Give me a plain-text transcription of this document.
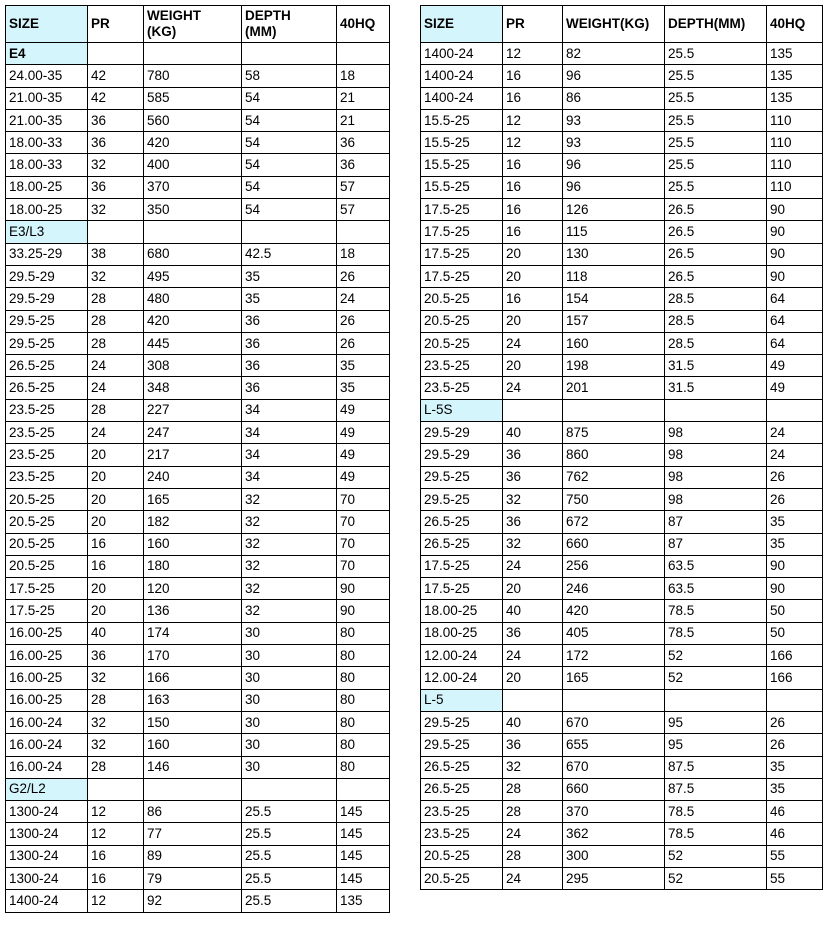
SIZE	PR	WEIGHT (KG)	DEPTH (MM)	40HQ
E4				
24.00-35	42	780	58	18
21.00-35	42	585	54	21
21.00-35	36	560	54	21
18.00-33	36	420	54	36
18.00-33	32	400	54	36
18.00-25	36	370	54	57
18.00-25	32	350	54	57
E3/L3				
33.25-29	38	680	42.5	18
29.5-29	32	495	35	26
29.5-29	28	480	35	24
29.5-25	28	420	36	26
29.5-25	28	445	36	26
26.5-25	24	308	36	35
26.5-25	24	348	36	35
23.5-25	28	227	34	49
23.5-25	24	247	34	49
23.5-25	20	217	34	49
23.5-25	20	240	34	49
20.5-25	20	165	32	70
20.5-25	20	182	32	70
20.5-25	16	160	32	70
20.5-25	16	180	32	70
17.5-25	20	120	32	90
17.5-25	20	136	32	90
16.00-25	40	174	30	80
16.00-25	36	170	30	80
16.00-25	32	166	30	80
16.00-25	28	163	30	80
16.00-24	32	150	30	80
16.00-24	32	160	30	80
16.00-24	28	146	30	80
G2/L2				
1300-24	12	86	25.5	145
1300-24	12	77	25.5	145
1300-24	16	89	25.5	145
1300-24	16	79	25.5	145
1400-24	12	92	25.5	135
SIZE	PR	WEIGHT(KG)	DEPTH(MM)	40HQ
1400-24	12	82	25.5	135
1400-24	16	96	25.5	135
1400-24	16	86	25.5	135
15.5-25	12	93	25.5	110
15.5-25	12	93	25.5	110
15.5-25	16	96	25.5	110
15.5-25	16	96	25.5	110
17.5-25	16	126	26.5	90
17.5-25	16	115	26.5	90
17.5-25	20	130	26.5	90
17.5-25	20	118	26.5	90
20.5-25	16	154	28.5	64
20.5-25	20	157	28.5	64
20.5-25	24	160	28.5	64
23.5-25	20	198	31.5	49
23.5-25	24	201	31.5	49
L-5S				
29.5-29	40	875	98	24
29.5-29	36	860	98	24
29.5-25	36	762	98	26
29.5-25	32	750	98	26
26.5-25	36	672	87	35
26.5-25	32	660	87	35
17.5-25	24	256	63.5	90
17.5-25	20	246	63.5	90
18.00-25	40	420	78.5	50
18.00-25	36	405	78.5	50
12.00-24	24	172	52	166
12.00-24	20	165	52	166
L-5				
29.5-25	40	670	95	26
29.5-25	36	655	95	26
26.5-25	32	670	87.5	35
26.5-25	28	660	87.5	35
23.5-25	28	370	78.5	46
23.5-25	24	362	78.5	46
20.5-25	28	300	52	55
20.5-25	24	295	52	55
